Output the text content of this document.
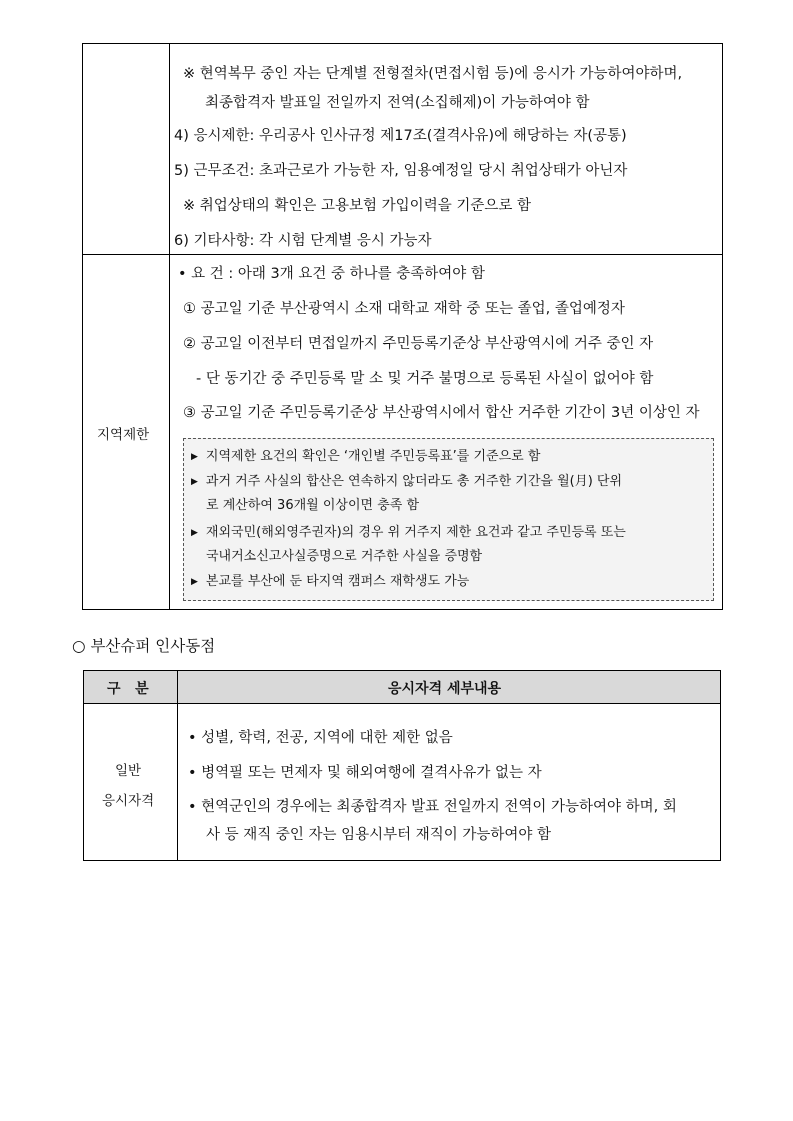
※ 현역복무 중인 자는 단계별 전형절차(면접시험 등)에 응시가 가능하여야하며,
최종합격자 발표일 전일까지 전역(소집해제)이 가능하여야 함
4) 응시제한: 우리공사 인사규정 제17조(결격사유)에 해당하는 자(공통)
5) 근무조건: 초과근로가 가능한 자, 임용예정일 당시 취업상태가 아닌자
※ 취업상태의 확인은 고용보험 가입이력을 기준으로 함
6) 기타사항: 각 시험 단계별 응시 가능자
지역제한
• 요 건 : 아래 3개 요건 중 하나를 충족하여야 함
① 공고일 기준 부산광역시 소재 대학교 재학 중 또는 졸업, 졸업예정자
② 공고일 이전부터 면접일까지 주민등록기준상 부산광역시에 거주 중인 자
- 단 동기간 중 주민등록 말 소 및 거주 불명으로 등록된 사실이 없어야 함
③ 공고일 기준 주민등록기준상 부산광역시에서 합산 거주한 기간이 3년 이상인 자
▶ 지역제한 요건의 확인은 ‘개인별 주민등록표’를 기준으로 함
▶ 과거 거주 사실의 합산은 연속하지 않더라도 총 거주한 기간을 월(月) 단위
로 계산하여 36개월 이상이면 충족 함
▶ 재외국민(해외영주권자)의 경우 위 거주지 제한 요건과 같고 주민등록 또는
국내거소신고사실증명으로 거주한 사실을 증명함
▶ 본교를 부산에 둔 타지역 캠퍼스 재학생도 가능
○ 부산슈퍼 인사동점
구   분	응시자격 세부내용
일반
응시자격
• 성별, 학력, 전공, 지역에 대한 제한 없음
• 병역필 또는 면제자 및 해외여행에 결격사유가 없는 자
• 현역군인의 경우에는 최종합격자 발표 전일까지 전역이 가능하여야 하며, 회
사 등 재직 중인 자는 임용시부터 재직이 가능하여야 함
